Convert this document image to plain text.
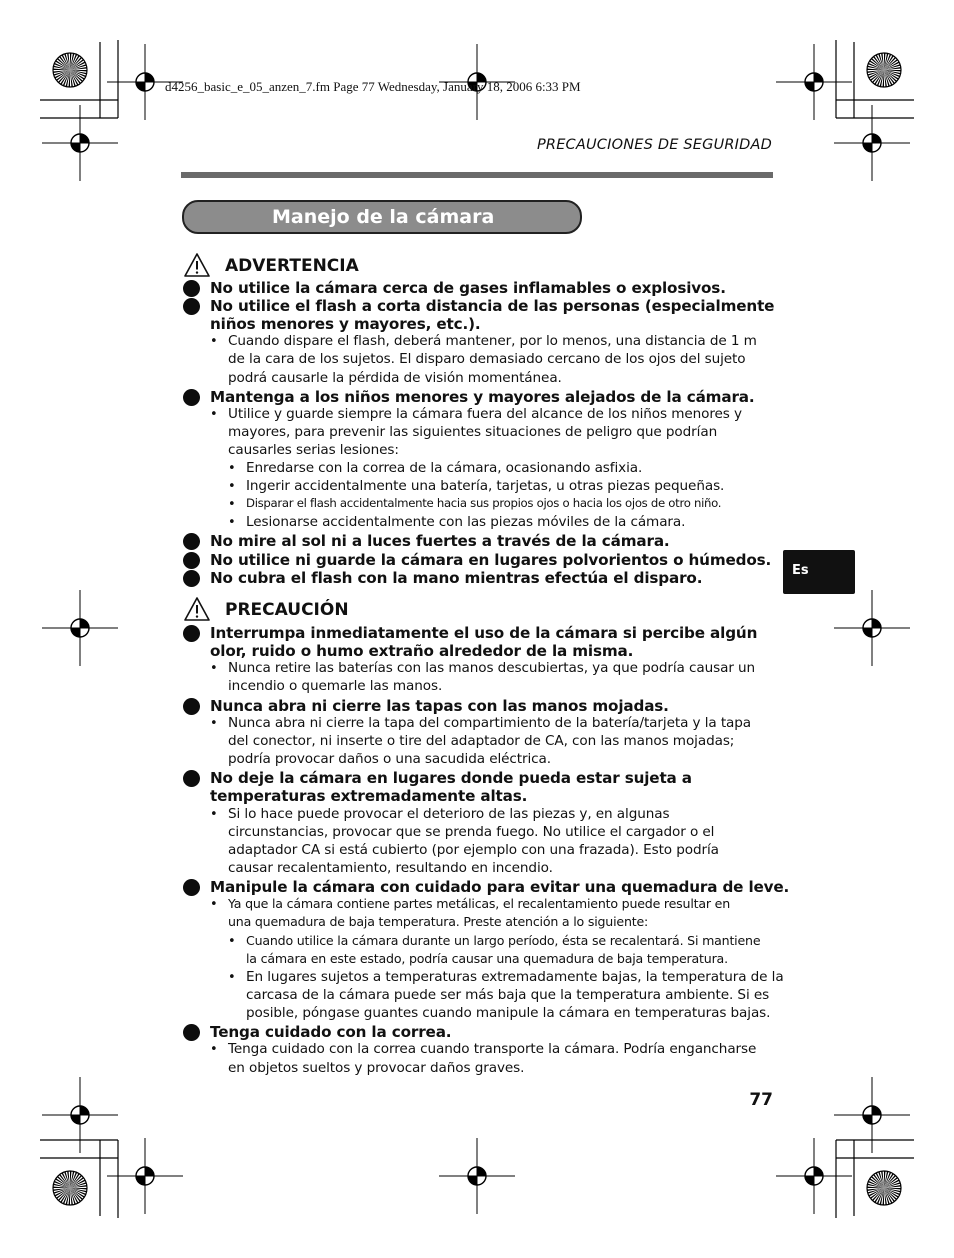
d4256_basic_e_05_anzen_7.fm Page 77 Wednesday, January 18, 2006 6:33 PM
PRECAUCIONES DE SEGURIDAD
Manejo de la cámara
ADVERTENCIA
No utilice la cámara cerca de gases inflamables o explosivos.
No utilice el flash a corta distancia de las personas (especialmente
niños menores y mayores, etc.).
• Cuando dispare el flash, deberá mantener, por lo menos, una distancia de 1 m
de la cara de los sujetos. El disparo demasiado cercano de los ojos del sujeto
podrá causarle la pérdida de visión momentánea.
Mantenga a los niños menores y mayores alejados de la cámara.
• Utilice y guarde siempre la cámara fuera del alcance de los niños menores y
mayores, para prevenir las siguientes situaciones de peligro que podrían
causarles serias lesiones:
• Enredarse con la correa de la cámara, ocasionando asfixia.
• Ingerir accidentalmente una batería, tarjetas, u otras piezas pequeñas.
• Disparar el flash accidentalmente hacia sus propios ojos o hacia los ojos de otro niño.
• Lesionarse accidentalmente con las piezas móviles de la cámara.
No mire al sol ni a luces fuertes a través de la cámara.
No utilice ni guarde la cámara en lugares polvorientos o húmedos.
No cubra el flash con la mano mientras efectúa el disparo.
PRECAUCIÓN
Interrumpa inmediatamente el uso de la cámara si percibe algún
olor, ruido o humo extraño alrededor de la misma.
• Nunca retire las baterías con las manos descubiertas, ya que podría causar un
incendio o quemarle las manos.
Nunca abra ni cierre las tapas con las manos mojadas.
• Nunca abra ni cierre la tapa del compartimiento de la batería/tarjeta y la tapa
del conector, ni inserte o tire del adaptador de CA, con las manos mojadas;
podría provocar daños o una sacudida eléctrica.
No deje la cámara en lugares donde pueda estar sujeta a
temperaturas extremadamente altas.
• Si lo hace puede provocar el deterioro de las piezas y, en algunas
circunstancias, provocar que se prenda fuego. No utilice el cargador o el
adaptador CA si está cubierto (por ejemplo con una frazada). Esto podría
causar recalentamiento, resultando en incendio.
Manipule la cámara con cuidado para evitar una quemadura de leve.
• Ya que la cámara contiene partes metálicas, el recalentamiento puede resultar en
una quemadura de baja temperatura. Preste atención a lo siguiente:
• Cuando utilice la cámara durante un largo período, ésta se recalentará. Si mantiene
la cámara en este estado, podría causar una quemadura de baja temperatura.
• En lugares sujetos a temperaturas extremadamente bajas, la temperatura de la
carcasa de la cámara puede ser más baja que la temperatura ambiente. Si es
posible, póngase guantes cuando manipule la cámara en temperaturas bajas.
Tenga cuidado con la correa.
• Tenga cuidado con la correa cuando transporte la cámara. Podría engancharse
en objetos sueltos y provocar daños graves.
Es
77
